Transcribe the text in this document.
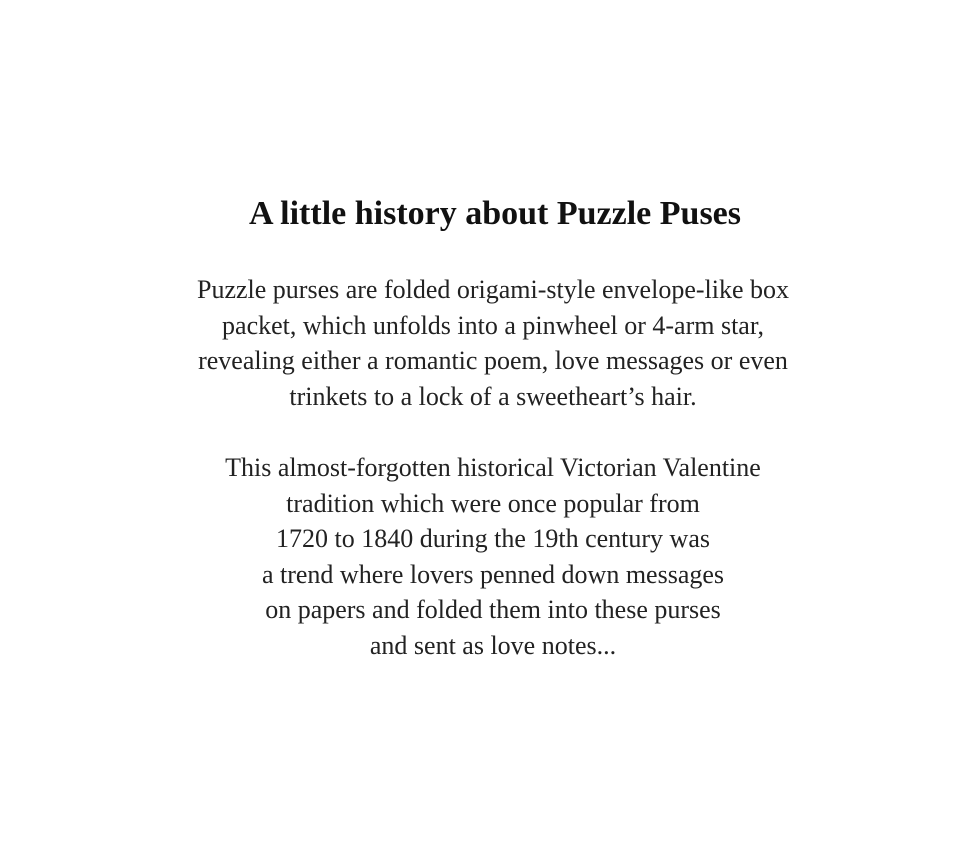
A little history about Puzzle Puses

Puzzle purses are folded origami-style envelope-like box
packet, which unfolds into a pinwheel or 4-arm star,
revealing either a romantic poem, love messages or even
trinkets to a lock of a sweetheart’s hair.

This almost-forgotten historical Victorian Valentine
tradition which were once popular from
1720 to 1840 during the 19th century was
a trend where lovers penned down messages
on papers and folded them into these purses
and sent as love notes...
